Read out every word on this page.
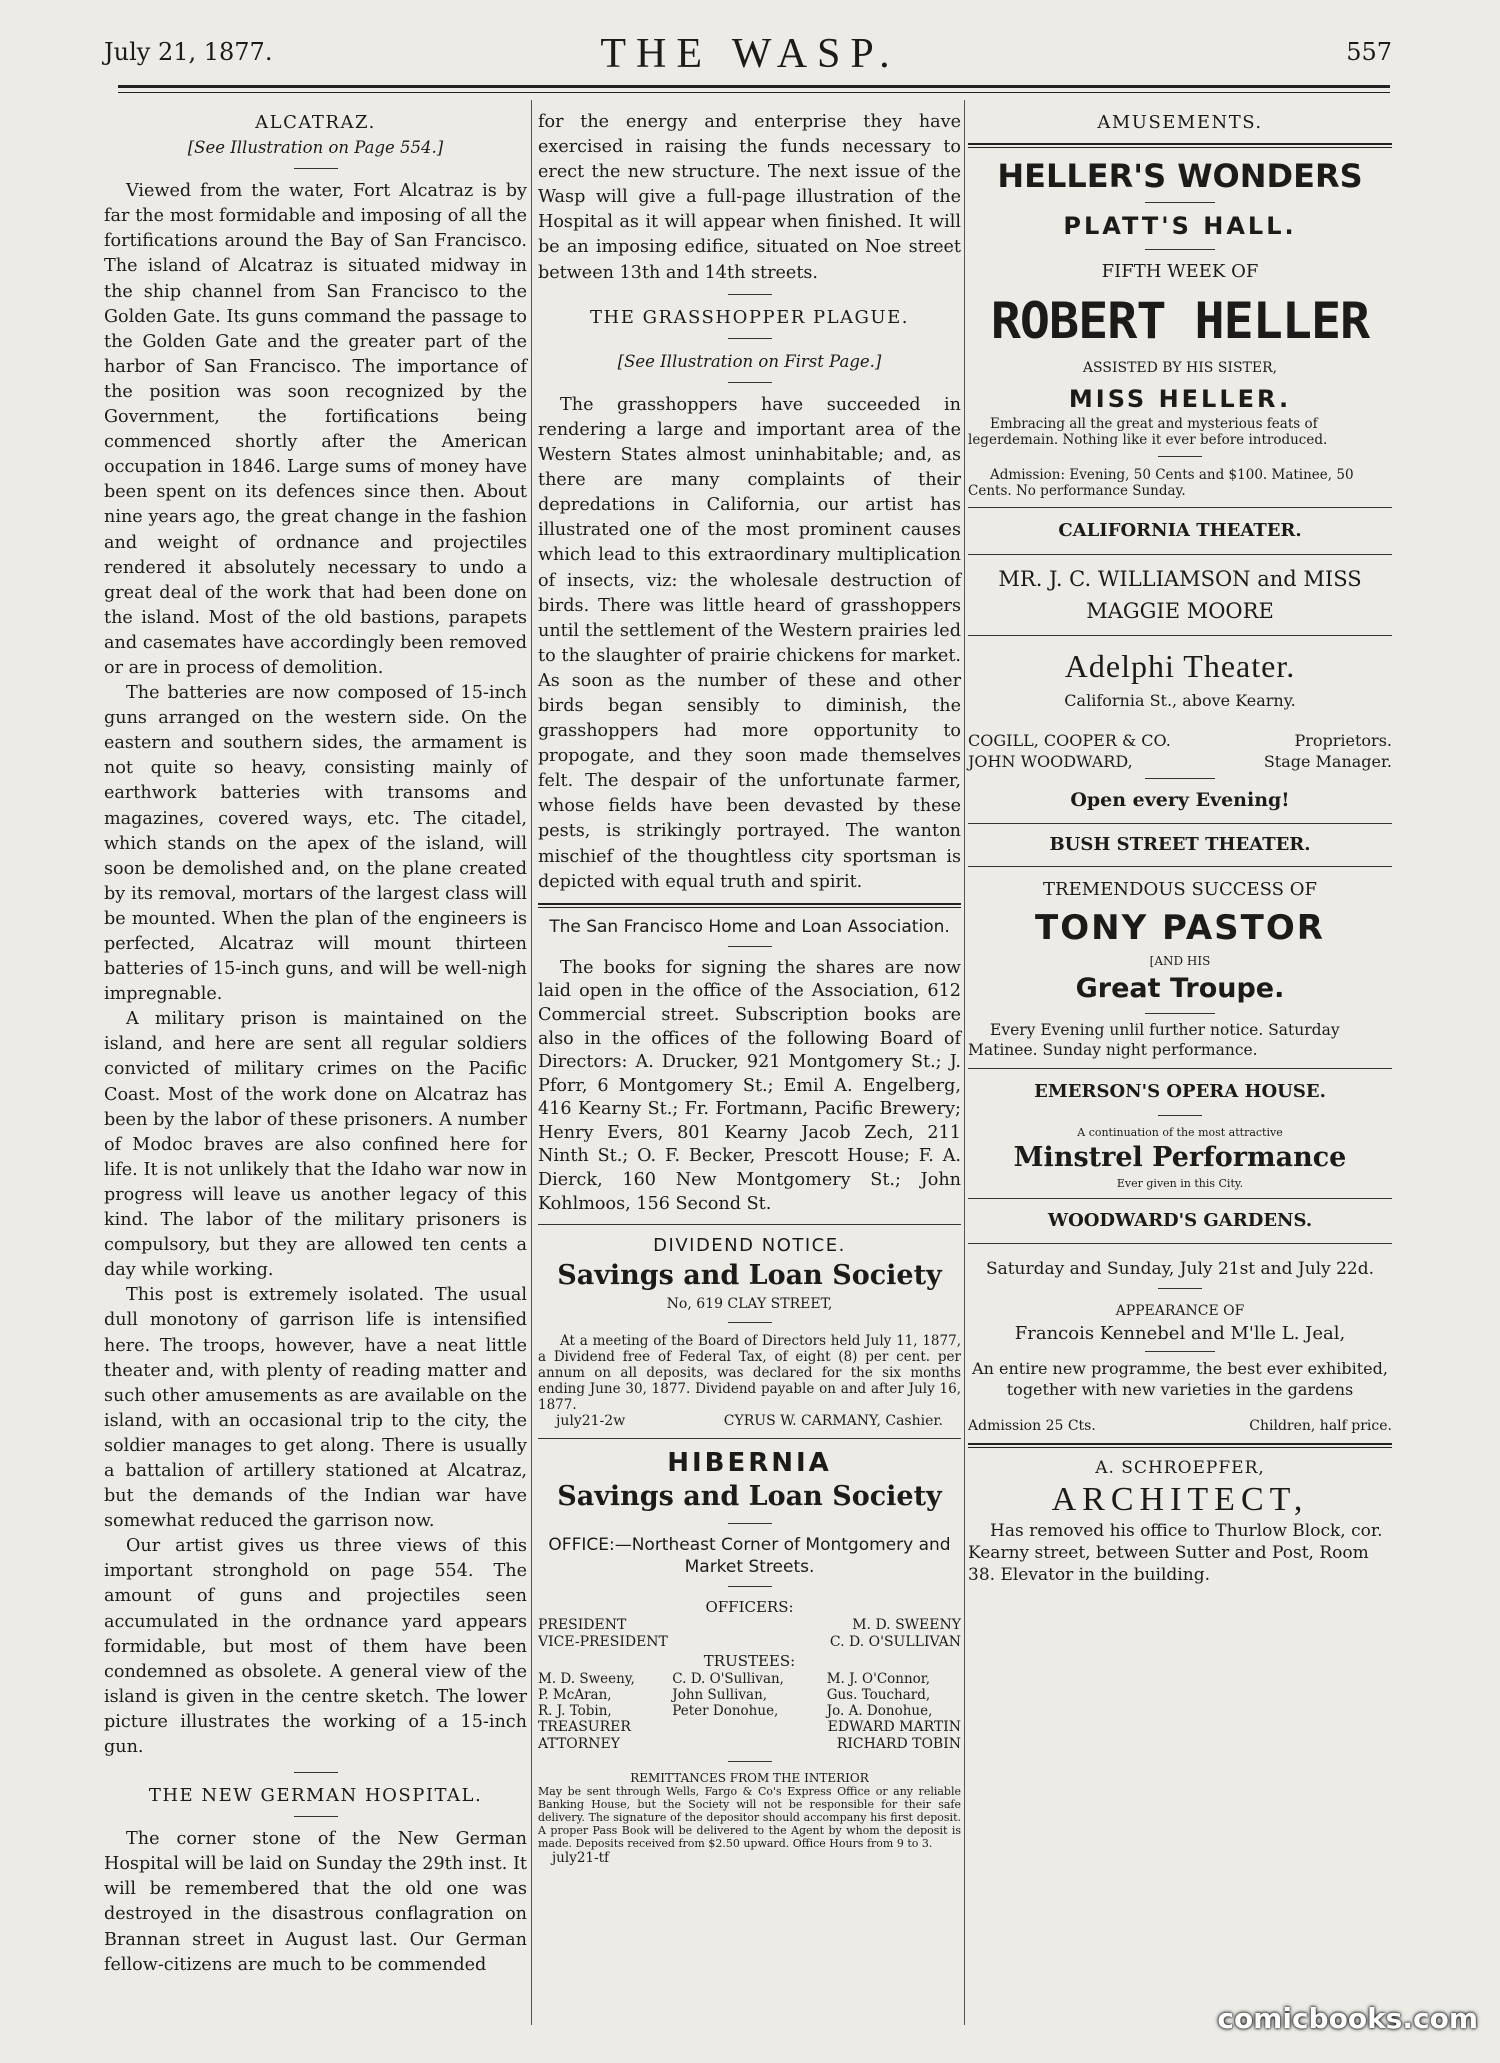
July 21, 1877.	THE WASP.	557

ALCATRAZ.

[See Illustration on Page 554.]

Viewed from the water, Fort Alcatraz is by far the most formidable and imposing of all the fortifications around the Bay of San Francisco. The island of Alcatraz is situated midway in the ship channel from San Francisco to the Golden Gate. Its guns command the passage to the Golden Gate and the greater part of the harbor of San Francisco. The importance of the position was soon recognized by the Government, the fortifications being commenced shortly after the American occupation in 1846. Large sums of money have been spent on its defences since then. About nine years ago, the great change in the fashion and weight of ordnance and projectiles rendered it absolutely necessary to undo a great deal of the work that had been done on the island. Most of the old bastions, parapets and casemates have accordingly been removed or are in process of demolition.

The batteries are now composed of 15-inch guns arranged on the western side. On the eastern and southern sides, the armament is not quite so heavy, consisting mainly of earthwork batteries with transoms and magazines, covered ways, etc. The citadel, which stands on the apex of the island, will soon be demolished and, on the plane created by its removal, mortars of the largest class will be mounted. When the plan of the engineers is perfected, Alcatraz will mount thirteen batteries of 15-inch guns, and will be well-nigh impregnable.

A military prison is maintained on the island, and here are sent all regular soldiers convicted of military crimes on the Pacific Coast. Most of the work done on Alcatraz has been by the labor of these prisoners. A number of Modoc braves are also confined here for life. It is not unlikely that the Idaho war now in progress will leave us another legacy of this kind. The labor of the military prisoners is compulsory, but they are allowed ten cents a day while working.

This post is extremely isolated. The usual dull monotony of garrison life is intensified here. The troops, however, have a neat little theater and, with plenty of reading matter and such other amusements as are available on the island, with an occasional trip to the city, the soldier manages to get along. There is usually a battalion of artillery stationed at Alcatraz, but the demands of the Indian war have somewhat reduced the garrison now.

Our artist gives us three views of this important stronghold on page 554. The amount of guns and projectiles seen accumulated in the ordnance yard appears formidable, but most of them have been condemned as obsolete. A general view of the island is given in the centre sketch. The lower picture illustrates the working of a 15-inch gun.

THE NEW GERMAN HOSPITAL.

The corner stone of the New German Hospital will be laid on Sunday the 29th inst. It will be remembered that the old one was destroyed in the disastrous conflagration on Brannan street in August last. Our German fellow-citizens are much to be commended

for the energy and enterprise they have exercised in raising the funds necessary to erect the new structure. The next issue of the Wasp will give a full-page illustration of the Hospital as it will appear when finished. It will be an imposing edifice, situated on Noe street between 13th and 14th streets.

THE GRASSHOPPER PLAGUE.

[See Illustration on First Page.]

The grasshoppers have succeeded in rendering a large and important area of the Western States almost uninhabitable; and, as there are many complaints of their depredations in California, our artist has illustrated one of the most prominent causes which lead to this extraordinary multiplication of insects, viz: the wholesale destruction of birds. There was little heard of grasshoppers until the settlement of the Western prairies led to the slaughter of prairie chickens for market. As soon as the number of these and other birds began sensibly to diminish, the grasshoppers had more opportunity to propogate, and they soon made themselves felt. The despair of the unfortunate farmer, whose fields have been devasted by these pests, is strikingly portrayed. The wanton mischief of the thoughtless city sportsman is depicted with equal truth and spirit.

The San Francisco Home and Loan Association.

The books for signing the shares are now laid open in the office of the Association, 612 Commercial street. Subscription books are also in the offices of the following Board of Directors: A. Drucker, 921 Montgomery St.; J. Pforr, 6 Montgomery St.; Emil A. Engelberg, 416 Kearny St.; Fr. Fortmann, Pacific Brewery; Henry Evers, 801 Kearny Jacob Zech, 211 Ninth St.; O. F. Becker, Prescott House; F. A. Dierck, 160 New Montgomery St.; John Kohlmoos, 156 Second St.

DIVIDEND NOTICE.

Savings and Loan Society

No, 619 CLAY STREET,

At a meeting of the Board of Directors held July 11, 1877, a Dividend free of Federal Tax, of eight (8) per cent. per annum on all deposits, was declared for the six months ending June 30, 1877. Dividend payable on and after July 16, 1877.

july21-2w	CYRUS W. CARMANY, Cashier.

HIBERNIA

Savings and Loan Society

OFFICE:—Northeast Corner of Montgomery and Market Streets.

OFFICERS:

PRESIDENT	M. D. SWEENY
VICE-PRESIDENT	C. D. O'SULLIVAN

TRUSTEES:

M. D. Sweeny,	C. D. O'Sullivan,	M. J. O'Connor,
P. McAran,	John Sullivan,	Gus. Touchard,
R. J. Tobin,	Peter Donohue,	Jo. A. Donohue,
TREASURER	EDWARD MARTIN
ATTORNEY	RICHARD TOBIN

REMITTANCES FROM THE INTERIOR

May be sent through Wells, Fargo & Co's Express Office or any reliable Banking House, but the Society will not be responsible for their safe delivery. The signature of the depositor should accompany his first deposit. A proper Pass Book will be delivered to the Agent by whom the deposit is made. Deposits received from $2.50 upward. Office Hours from 9 to 3.

july21-tf

AMUSEMENTS.

HELLER'S WONDERS

PLATT'S HALL.

FIFTH WEEK OF

ROBERT HELLER

ASSISTED BY HIS SISTER,

MISS HELLER.

Embracing all the great and mysterious feats of legerdemain. Nothing like it ever before introduced.

Admission: Evening, 50 Cents and $100. Matinee, 50 Cents. No performance Sunday.

CALIFORNIA THEATER.

MR. J. C. WILLIAMSON and MISS MAGGIE MOORE

Adelphi Theater.

California St., above Kearny.

COGILL, COOPER & CO.	Proprietors.
JOHN WOODWARD,	Stage Manager.

Open every Evening!

BUSH STREET THEATER.

TREMENDOUS SUCCESS OF

TONY PASTOR

[AND HIS

Great Troupe.

Every Evening unlil further notice. Saturday Matinee. Sunday night performance.

EMERSON'S OPERA HOUSE.

A continuation of the most attractive

Minstrel Performance

Ever given in this City.

WOODWARD'S GARDENS.

Saturday and Sunday, July 21st and July 22d.

APPEARANCE OF

Francois Kennebel and M'lle L. Jeal,

An entire new programme, the best ever exhibited, together with new varieties in the gardens

Admission 25 Cts.	Children, half price.

A. SCHROEPFER,

ARCHITECT,

Has removed his office to Thurlow Block, cor. Kearny street, between Sutter and Post, Room 38. Elevator in the building.

comicbooks.com
